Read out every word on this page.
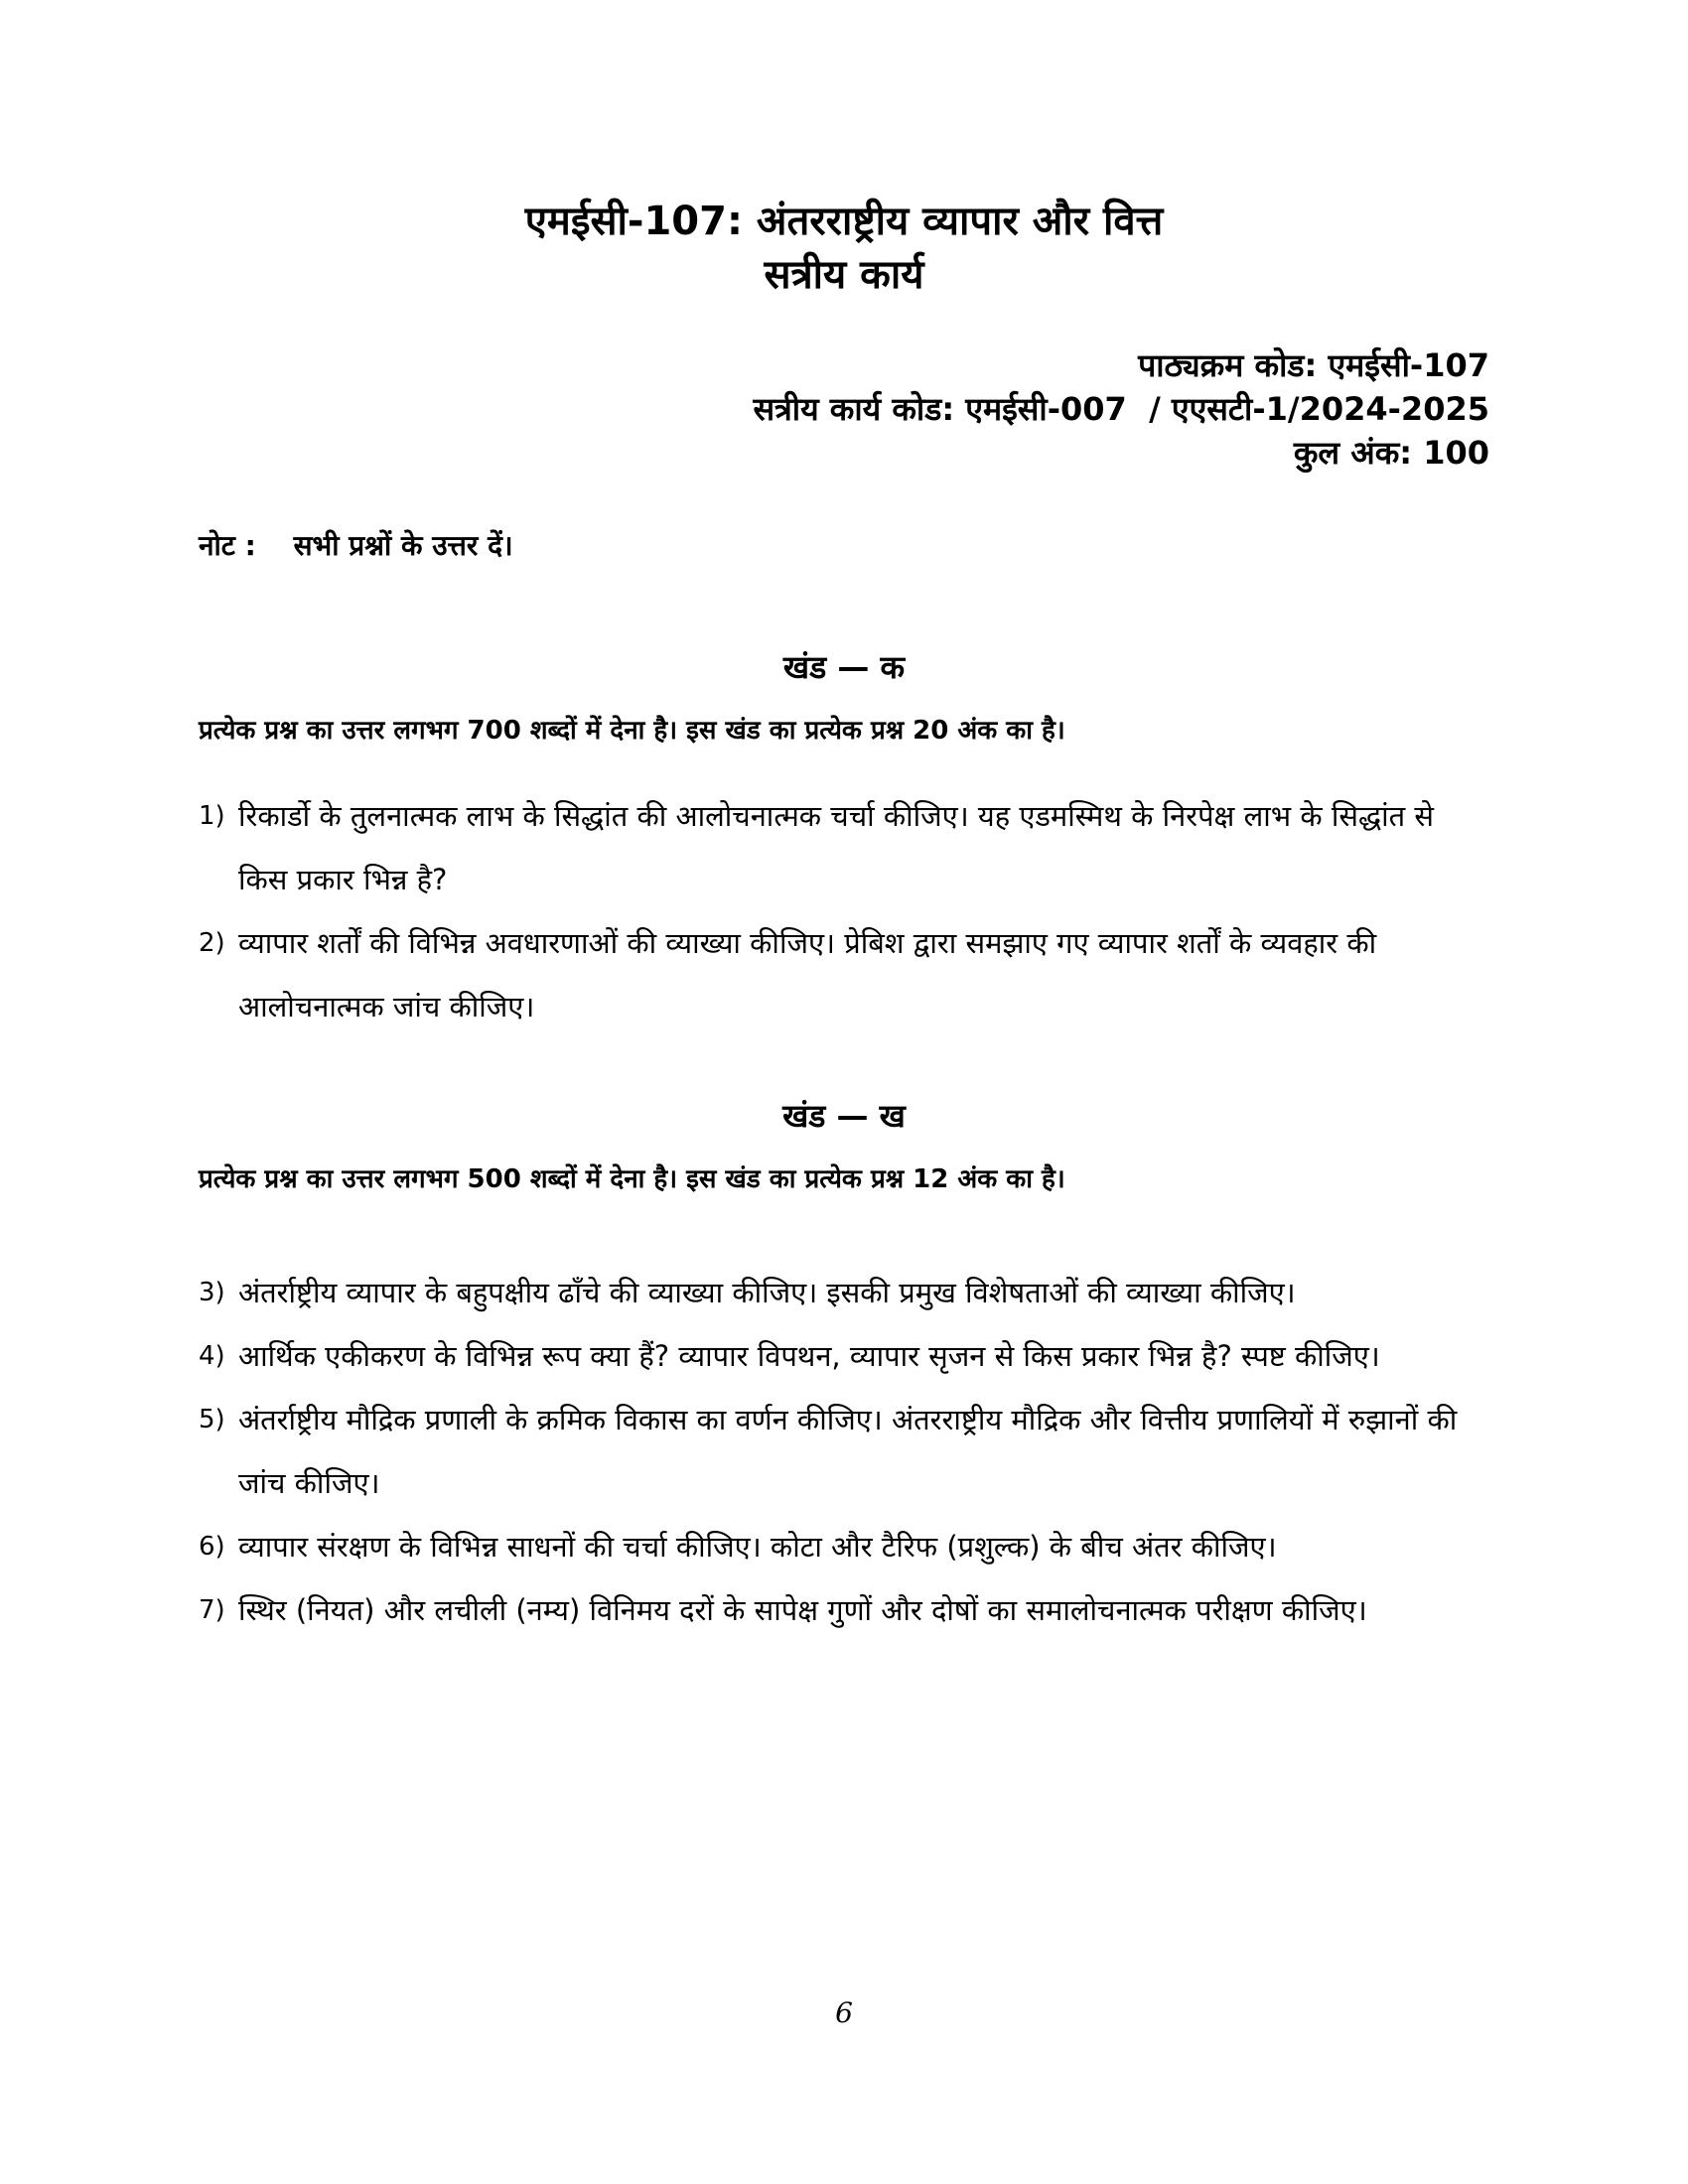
एमईसी-107: अंतरराष्ट्रीय व्यापार और वित्त
सत्रीय कार्य
पाठ्यक्रम कोड: एमईसी-107
सत्रीय कार्य कोड: एमईसी-007  / एएसटी-1/2024-2025
कुल अंक: 100
नोट : सभी प्रश्नों के उत्तर दें।
खंड — क
प्रत्येक प्रश्न का उत्तर लगभग 700 शब्दों में देना है। इस खंड का प्रत्येक प्रश्न 20 अंक का है।
1) रिकार्डो के तुलनात्मक लाभ के सिद्धांत की आलोचनात्मक चर्चा कीजिए। यह एडमस्मिथ के निरपेक्ष लाभ के सिद्धांत से किस प्रकार भिन्न है?
2) व्यापार शर्तों की विभिन्न अवधारणाओं की व्याख्या कीजिए। प्रेबिश द्वारा समझाए गए व्यापार शर्तों के व्यवहार की आलोचनात्मक जांच कीजिए।
खंड — ख
प्रत्येक प्रश्न का उत्तर लगभग 500 शब्दों में देना है। इस खंड का प्रत्येक प्रश्न 12 अंक का है।
3) अंतर्राष्ट्रीय व्यापार के बहुपक्षीय ढाँचे की व्याख्या कीजिए। इसकी प्रमुख विशेषताओं की व्याख्या कीजिए।
4) आर्थिक एकीकरण के विभिन्न रूप क्या हैं? व्यापार विपथन, व्यापार सृजन से किस प्रकार भिन्न है? स्पष्ट कीजिए।
5) अंतर्राष्ट्रीय मौद्रिक प्रणाली के क्रमिक विकास का वर्णन कीजिए। अंतरराष्ट्रीय मौद्रिक और वित्तीय प्रणालियों में रुझानों की जांच कीजिए।
6) व्यापार संरक्षण के विभिन्न साधनों की चर्चा कीजिए। कोटा और टैरिफ (प्रशुल्क) के बीच अंतर कीजिए।
7) स्थिर (नियत) और लचीली (नम्य) विनिमय दरों के सापेक्ष गुणों और दोषों का समालोचनात्मक परीक्षण कीजिए।
6
